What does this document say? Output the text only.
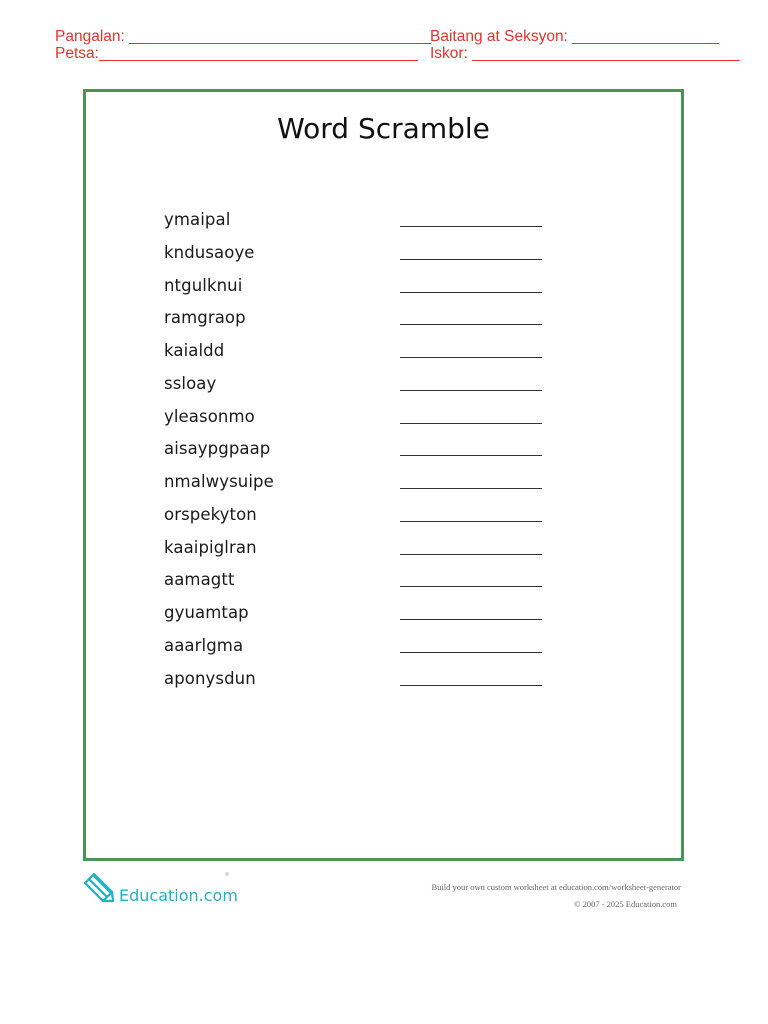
Pangalan: ___________________________________ Baitang at Seksyon: _________________
Petsa:_____________________________________ Iskor: _______________________________
Word Scramble
ymaipal
kndusaoye
ntgulknui
ramgraop
kaialdd
ssloay
yleasonmo
aisaypgpaap
nmalwysuipe
orspekyton
kaaipiglran
aamagtt
gyuamtap
aaarlgma
aponysdun
Education.com	Build your own custom worksheet at education.com/worksheet-generator
© 2007 - 2025 Education.com
